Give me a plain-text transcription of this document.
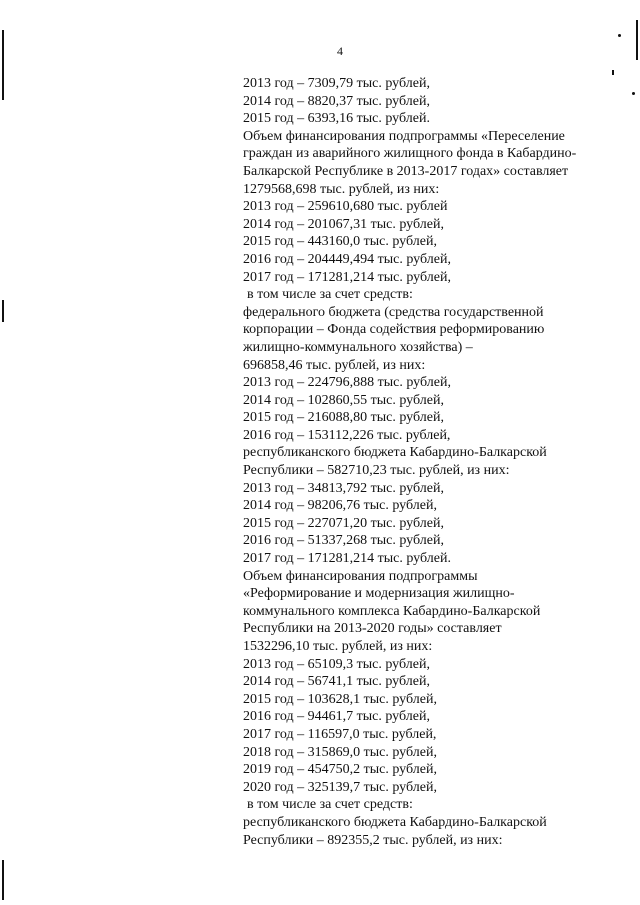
4
2013 год – 7309,79 тыс. рублей,
2014 год – 8820,37 тыс. рублей,
2015 год – 6393,16 тыс. рублей.
Объем финансирования подпрограммы «Переселение
граждан из аварийного жилищного фонда в Кабардино-
Балкарской Республике в 2013-2017 годах» составляет
1279568,698 тыс. рублей, из них:
2013 год – 259610,680 тыс. рублей
2014 год – 201067,31 тыс. рублей,
2015 год – 443160,0 тыс. рублей,
2016 год – 204449,494 тыс. рублей,
2017 год – 171281,214 тыс. рублей,
в том числе за счет средств:
федерального бюджета (средства государственной
корпорации – Фонда содействия реформированию
жилищно-коммунального хозяйства) –
696858,46 тыс. рублей, из них:
2013 год – 224796,888 тыс. рублей,
2014 год – 102860,55 тыс. рублей,
2015 год – 216088,80 тыс. рублей,
2016 год – 153112,226 тыс. рублей,
республиканского бюджета Кабардино-Балкарской
Республики – 582710,23 тыс. рублей, из них:
2013 год – 34813,792 тыс. рублей,
2014 год – 98206,76 тыс. рублей,
2015 год – 227071,20 тыс. рублей,
2016 год – 51337,268 тыс. рублей,
2017 год – 171281,214 тыс. рублей.
Объем финансирования подпрограммы
«Реформирование и модернизация жилищно-
коммунального комплекса Кабардино-Балкарской
Республики на 2013-2020 годы» составляет
1532296,10 тыс. рублей, из них:
2013 год – 65109,3 тыс. рублей,
2014 год – 56741,1 тыс. рублей,
2015 год – 103628,1 тыс. рублей,
2016 год – 94461,7 тыс. рублей,
2017 год – 116597,0 тыс. рублей,
2018 год – 315869,0 тыс. рублей,
2019 год – 454750,2 тыс. рублей,
2020 год – 325139,7 тыс. рублей,
в том числе за счет средств:
республиканского бюджета Кабардино-Балкарской
Республики – 892355,2 тыс. рублей, из них:
